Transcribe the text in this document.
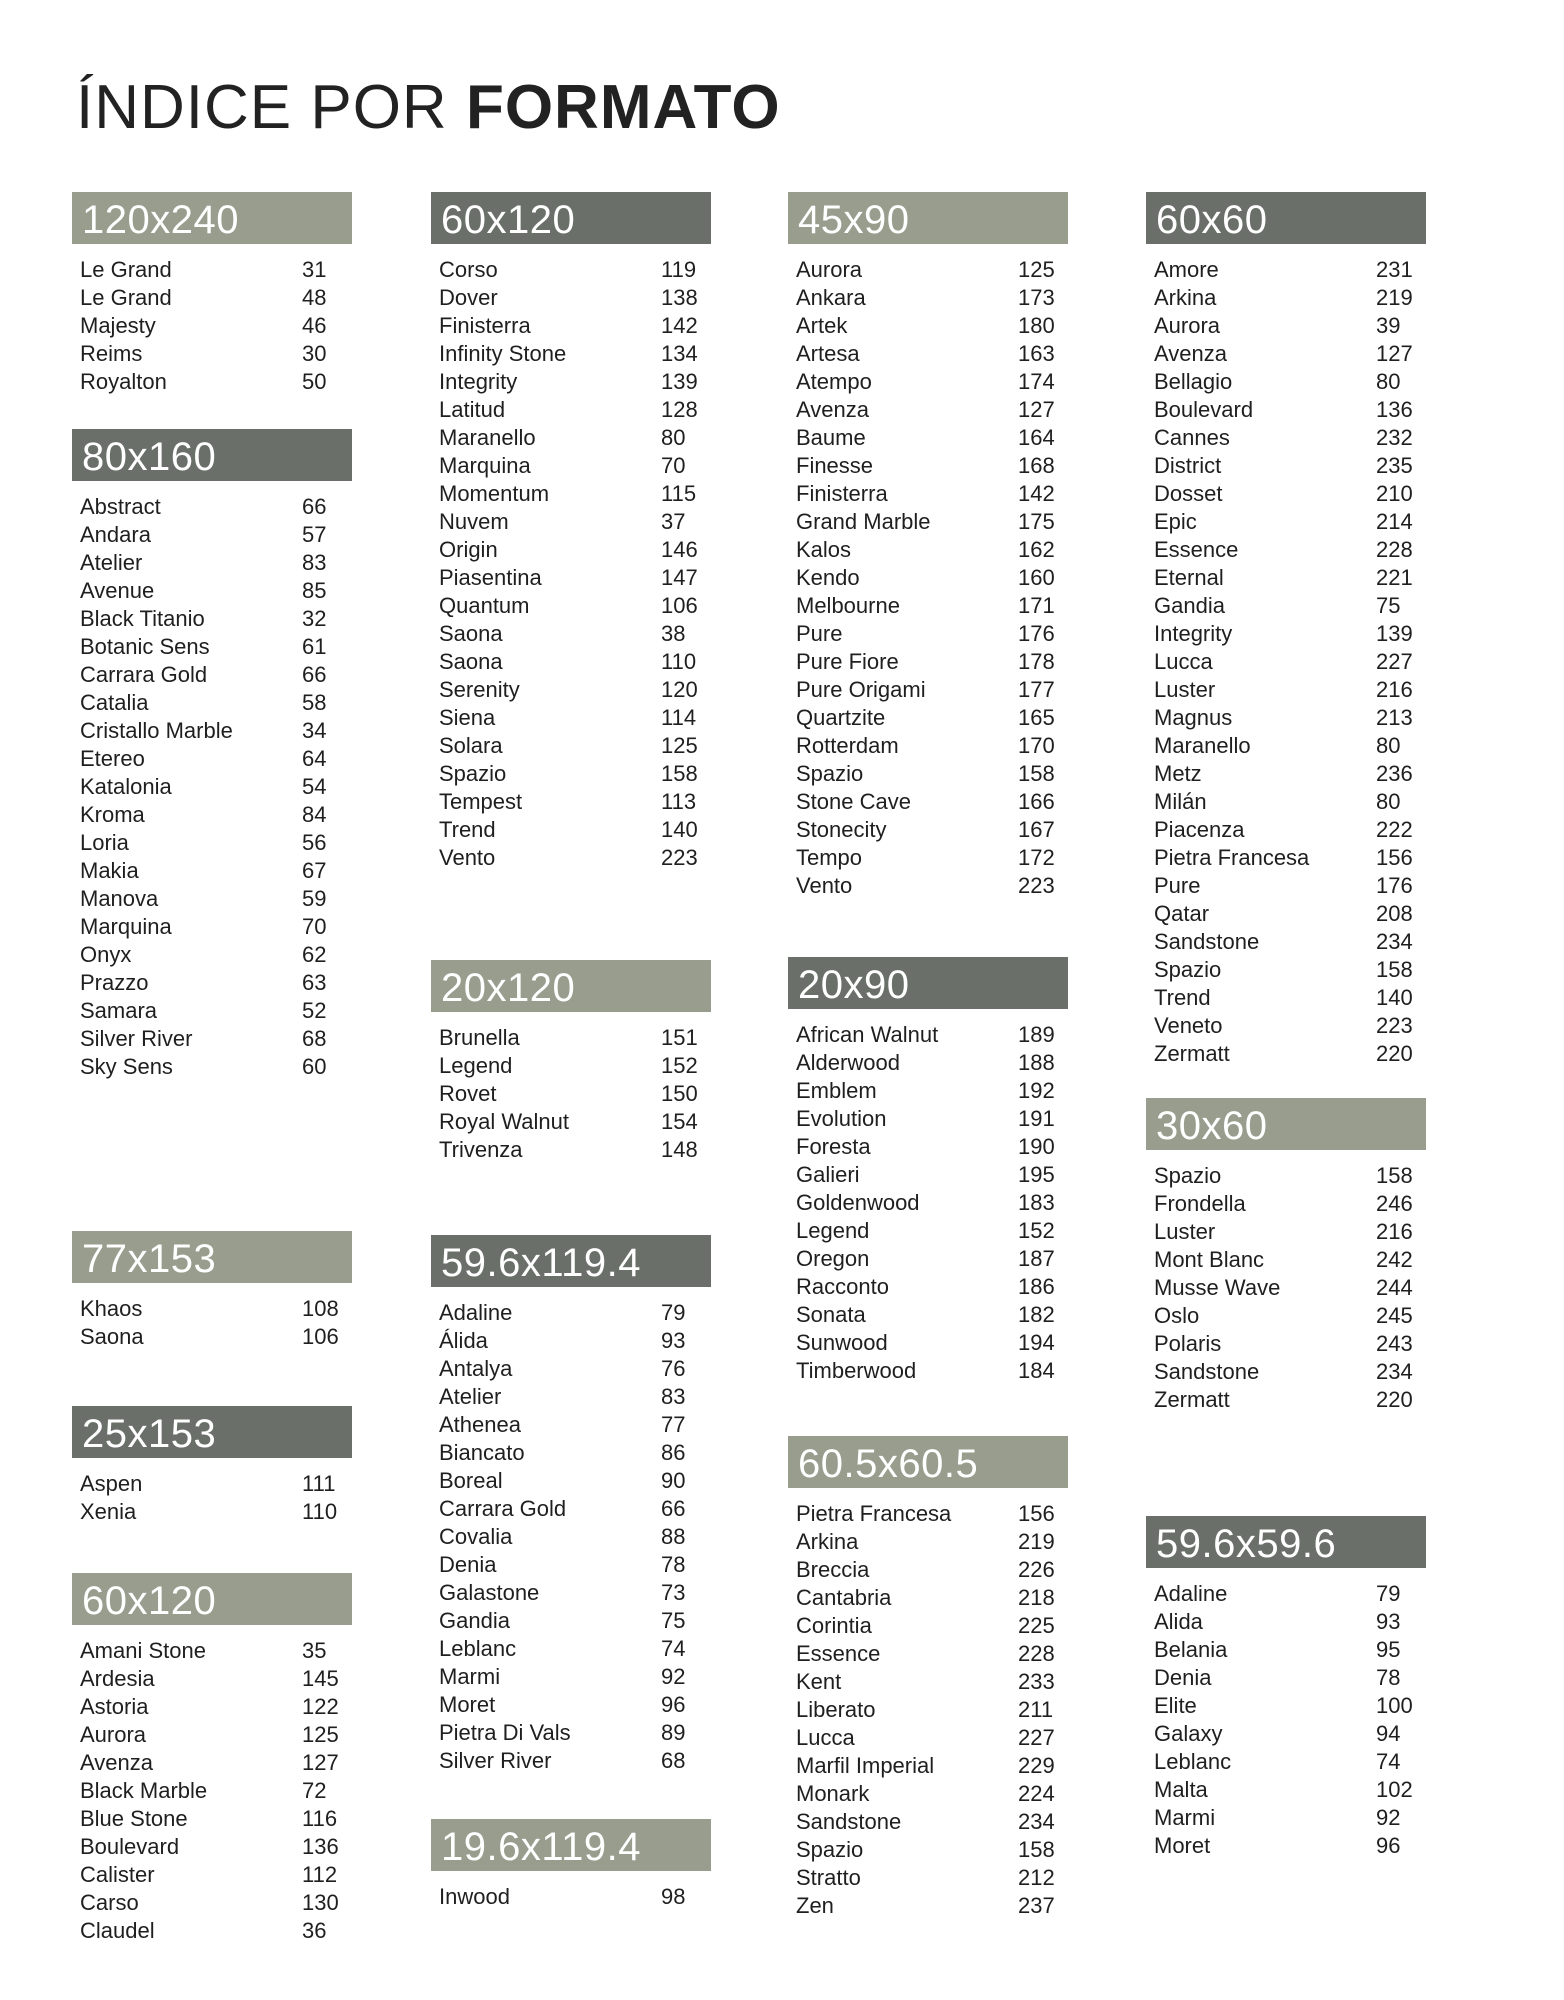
ÍNDICE POR FORMATO
120x240
Le Grand	31
Le Grand	48
Majesty	46
Reims	30
Royalton	50
80x160
Abstract	66
Andara	57
Atelier	83
Avenue	85
Black Titanio	32
Botanic Sens	61
Carrara Gold	66
Catalia	58
Cristallo Marble	34
Etereo	64
Katalonia	54
Kroma	84
Loria	56
Makia	67
Manova	59
Marquina	70
Onyx	62
Prazzo	63
Samara	52
Silver River	68
Sky Sens	60
77x153
Khaos	108
Saona	106
25x153
Aspen	111
Xenia	110
60x120
Amani Stone	35
Ardesia	145
Astoria	122
Aurora	125
Avenza	127
Black Marble	72
Blue Stone	116
Boulevard	136
Calister	112
Carso	130
Claudel	36
60x120
Corso	119
Dover	138
Finisterra	142
Infinity Stone	134
Integrity	139
Latitud	128
Maranello	80
Marquina	70
Momentum	115
Nuvem	37
Origin	146
Piasentina	147
Quantum	106
Saona	38
Saona	110
Serenity	120
Siena	114
Solara	125
Spazio	158
Tempest	113
Trend	140
Vento	223
20x120
Brunella	151
Legend	152
Rovet	150
Royal Walnut	154
Trivenza	148
59.6x119.4
Adaline	79
Álida	93
Antalya	76
Atelier	83
Athenea	77
Biancato	86
Boreal	90
Carrara Gold	66
Covalia	88
Denia	78
Galastone	73
Gandia	75
Leblanc	74
Marmi	92
Moret	96
Pietra Di Vals	89
Silver River	68
19.6x119.4
Inwood	98
45x90
Aurora	125
Ankara	173
Artek	180
Artesa	163
Atempo	174
Avenza	127
Baume	164
Finesse	168
Finisterra	142
Grand Marble	175
Kalos	162
Kendo	160
Melbourne	171
Pure	176
Pure Fiore	178
Pure Origami	177
Quartzite	165
Rotterdam	170
Spazio	158
Stone Cave	166
Stonecity	167
Tempo	172
Vento	223
20x90
African Walnut	189
Alderwood	188
Emblem	192
Evolution	191
Foresta	190
Galieri	195
Goldenwood	183
Legend	152
Oregon	187
Racconto	186
Sonata	182
Sunwood	194
Timberwood	184
60.5x60.5
Pietra Francesa	156
Arkina	219
Breccia	226
Cantabria	218
Corintia	225
Essence	228
Kent	233
Liberato	211
Lucca	227
Marfil Imperial	229
Monark	224
Sandstone	234
Spazio	158
Stratto	212
Zen	237
60x60
Amore	231
Arkina	219
Aurora	39
Avenza	127
Bellagio	80
Boulevard	136
Cannes	232
District	235
Dosset	210
Epic	214
Essence	228
Eternal	221
Gandia	75
Integrity	139
Lucca	227
Luster	216
Magnus	213
Maranello	80
Metz	236
Milán	80
Piacenza	222
Pietra Francesa	156
Pure	176
Qatar	208
Sandstone	234
Spazio	158
Trend	140
Veneto	223
Zermatt	220
30x60
Spazio	158
Frondella	246
Luster	216
Mont Blanc	242
Musse Wave	244
Oslo	245
Polaris	243
Sandstone	234
Zermatt	220
59.6x59.6
Adaline	79
Alida	93
Belania	95
Denia	78
Elite	100
Galaxy	94
Leblanc	74
Malta	102
Marmi	92
Moret	96
